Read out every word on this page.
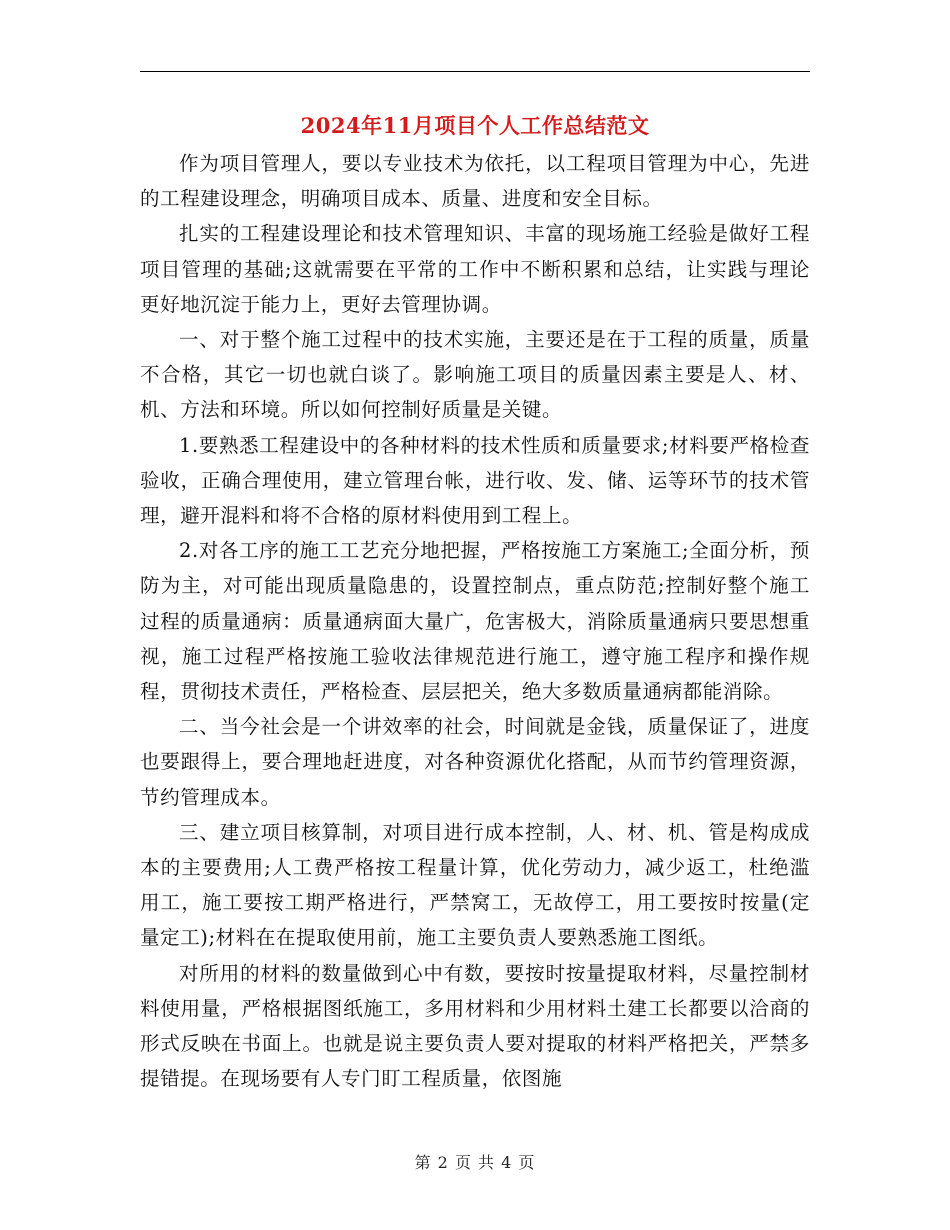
2024年11月项目个人工作总结范文

作为项目管理人，要以专业技术为依托，以工程项目管理为中心，先进的工程建设理念，明确项目成本、质量、进度和安全目标。

扎实的工程建设理论和技术管理知识、丰富的现场施工经验是做好工程项目管理的基础;这就需要在平常的工作中不断积累和总结，让实践与理论更好地沉淀于能力上，更好去管理协调。

一、对于整个施工过程中的技术实施，主要还是在于工程的质量，质量不合格，其它一切也就白谈了。影响施工项目的质量因素主要是人、材、机、方法和环境。所以如何控制好质量是关键。

1.要熟悉工程建设中的各种材料的技术性质和质量要求;材料要严格检查验收，正确合理使用，建立管理台帐，进行收、发、储、运等环节的技术管理，避开混料和将不合格的原材料使用到工程上。

2.对各工序的施工工艺充分地把握，严格按施工方案施工;全面分析，预防为主，对可能出现质量隐患的，设置控制点，重点防范;控制好整个施工过程的质量通病：质量通病面大量广，危害极大，消除质量通病只要思想重视，施工过程严格按施工验收法律规范进行施工，遵守施工程序和操作规程，贯彻技术责任，严格检查、层层把关，绝大多数质量通病都能消除。

二、当今社会是一个讲效率的社会，时间就是金钱，质量保证了，进度也要跟得上，要合理地赶进度，对各种资源优化搭配，从而节约管理资源，节约管理成本。

三、建立项目核算制，对项目进行成本控制，人、材、机、管是构成成本的主要费用;人工费严格按工程量计算，优化劳动力，减少返工，杜绝滥用工，施工要按工期严格进行，严禁窝工，无故停工，用工要按时按量(定量定工);材料在在提取使用前，施工主要负责人要熟悉施工图纸。

对所用的材料的数量做到心中有数，要按时按量提取材料，尽量控制材料使用量，严格根据图纸施工，多用材料和少用材料土建工长都要以洽商的形式反映在书面上。也就是说主要负责人要对提取的材料严格把关，严禁多提错提。在现场要有人专门盯工程质量，依图施

第 2 页 共 4 页
